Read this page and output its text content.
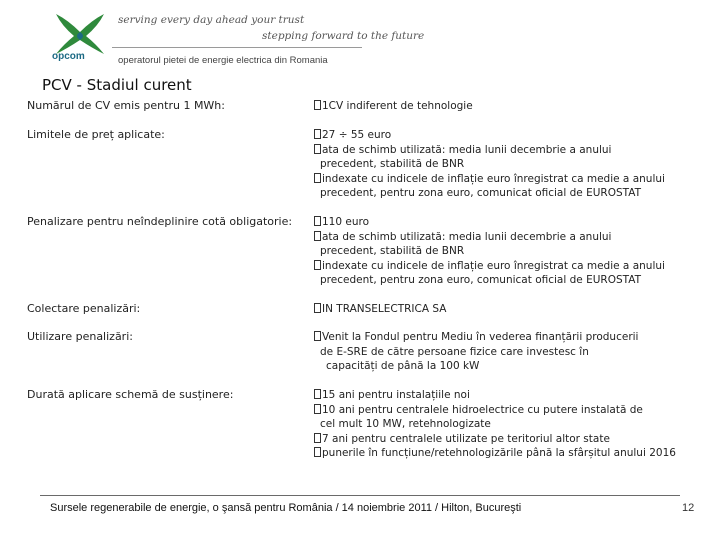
opcom
serving every day ahead your trust
stepping forward to the future
operatorul pietei de energie electrica din Romania
PCV - Stadiul curent
Numărul de CV emis pentru 1 MWh:	1CV indiferent de tehnologie
Limitele de preț aplicate:	27 ÷ 55 euro
ata de schimb utilizată: media lunii decembrie a anului
precedent, stabilită de BNR
indexate cu indicele de inflație euro înregistrat ca medie a anului
precedent, pentru zona euro, comunicat oficial de EUROSTAT
Penalizare pentru neîndeplinire cotă obligatorie:	110 euro
ata de schimb utilizată: media lunii decembrie a anului
precedent, stabilită de BNR
indexate cu indicele de inflație euro înregistrat ca medie a anului
precedent, pentru zona euro, comunicat oficial de EUROSTAT
Colectare penalizări:	IN TRANSELECTRICA SA
Utilizare penalizări:	Venit la Fondul pentru Mediu în vederea finanțării producerii
de E-SRE de către persoane fizice care investesc în
capacități de până la 100 kW
Durată aplicare schemă de susținere:	15 ani pentru instalațiile noi
10 ani pentru centralele hidroelectrice cu putere instalată de
cel mult 10 MW, retehnologizate
7 ani pentru centralele utilizate pe teritoriul altor state
punerile în funcțiune/retehnologizările până la sfârșitul anului 2016
Sursele regenerabile de energie, o şansă pentru România / 14 noiembrie 2011 / Hilton, Bucureşti	12
